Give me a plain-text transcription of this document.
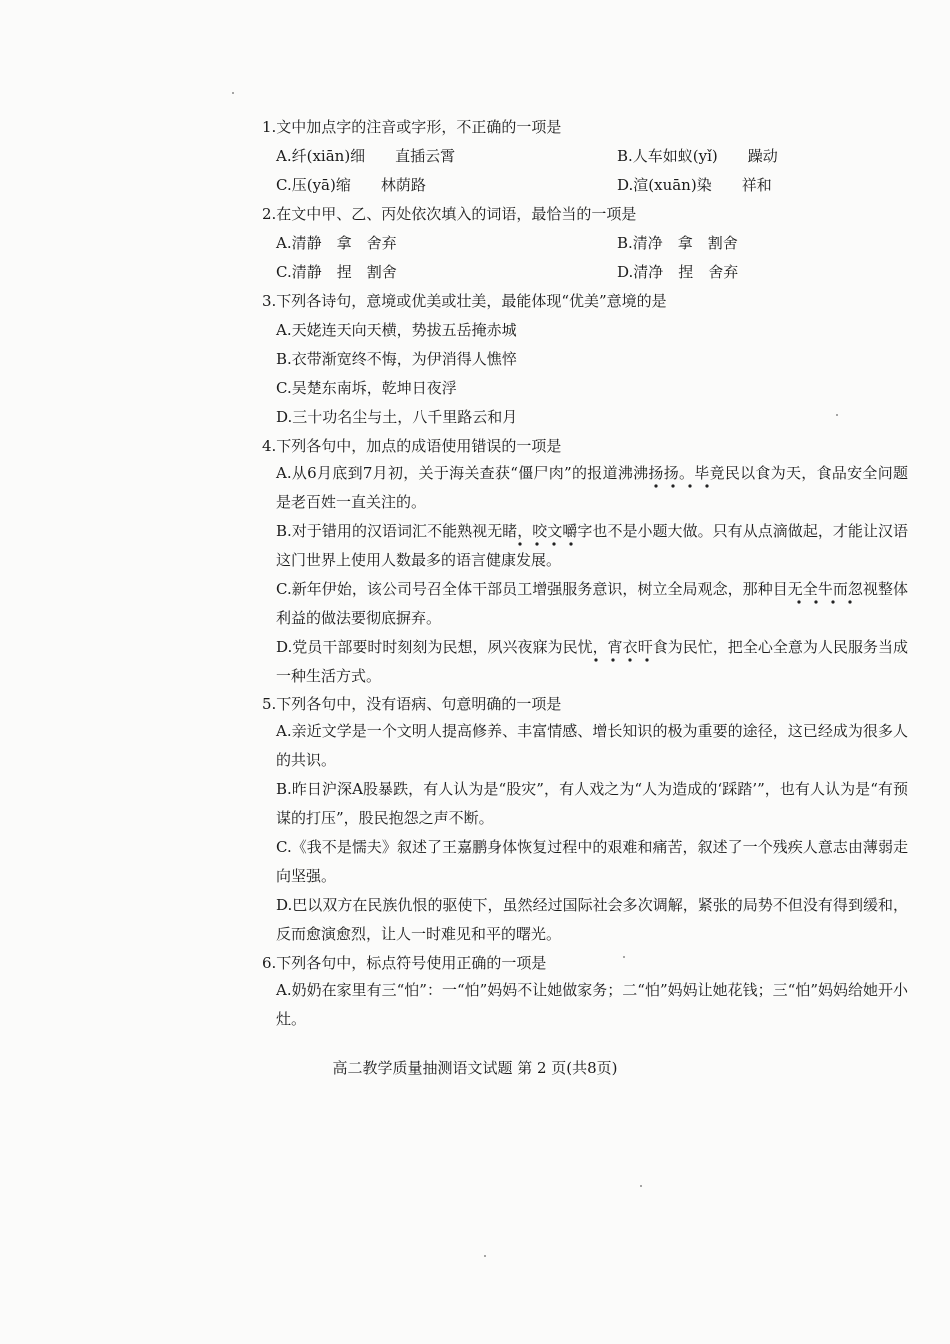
1.文中加点字的注音或字形，不正确的一项是
A.纤(xiān)细　　直插云霄	B.人车如蚁(yǐ)　　躁动
C.压(yā)缩　　林荫路	D.渲(xuān)染　　祥和
2.在文中甲、乙、丙处依次填入的词语，最恰当的一项是
A.清静　拿　舍弃	B.清净　拿　割舍
C.清静　捏　割舍	D.清净　捏　舍弃
3.下列各诗句，意境或优美或壮美，最能体现“优美”意境的是
A.天姥连天向天横，势拔五岳掩赤城
B.衣带渐宽终不悔，为伊消得人憔悴
C.吴楚东南坼，乾坤日夜浮
D.三十功名尘与土，八千里路云和月
4.下列各句中，加点的成语使用错误的一项是
A.从6月底到7月初，关于海关查获“僵尸肉”的报道沸沸扬扬。毕竟民以食为天，食品安全问题是老百姓一直关注的。
B.对于错用的汉语词汇不能熟视无睹，咬文嚼字也不是小题大做。只有从点滴做起，才能让汉语这门世界上使用人数最多的语言健康发展。
C.新年伊始，该公司号召全体干部员工增强服务意识，树立全局观念，那种目无全牛而忽视整体利益的做法要彻底摒弃。
D.党员干部要时时刻刻为民想，夙兴夜寐为民忧，宵衣旰食为民忙，把全心全意为人民服务当成一种生活方式。
5.下列各句中，没有语病、句意明确的一项是
A.亲近文学是一个文明人提高修养、丰富情感、增长知识的极为重要的途径，这已经成为很多人的共识。
B.昨日沪深A股暴跌，有人认为是“股灾”，有人戏之为“人为造成的‘踩踏’”，也有人认为是“有预谋的打压”，股民抱怨之声不断。
C.《我不是懦夫》叙述了王嘉鹏身体恢复过程中的艰难和痛苦，叙述了一个残疾人意志由薄弱走向坚强。
D.巴以双方在民族仇恨的驱使下，虽然经过国际社会多次调解，紧张的局势不但没有得到缓和，反而愈演愈烈，让人一时难见和平的曙光。
6.下列各句中，标点符号使用正确的一项是
A.奶奶在家里有三“怕”：一“怕”妈妈不让她做家务；二“怕”妈妈让她花钱；三“怕”妈妈给她开小灶。
高二教学质量抽测语文试题 第 2 页(共8页)
